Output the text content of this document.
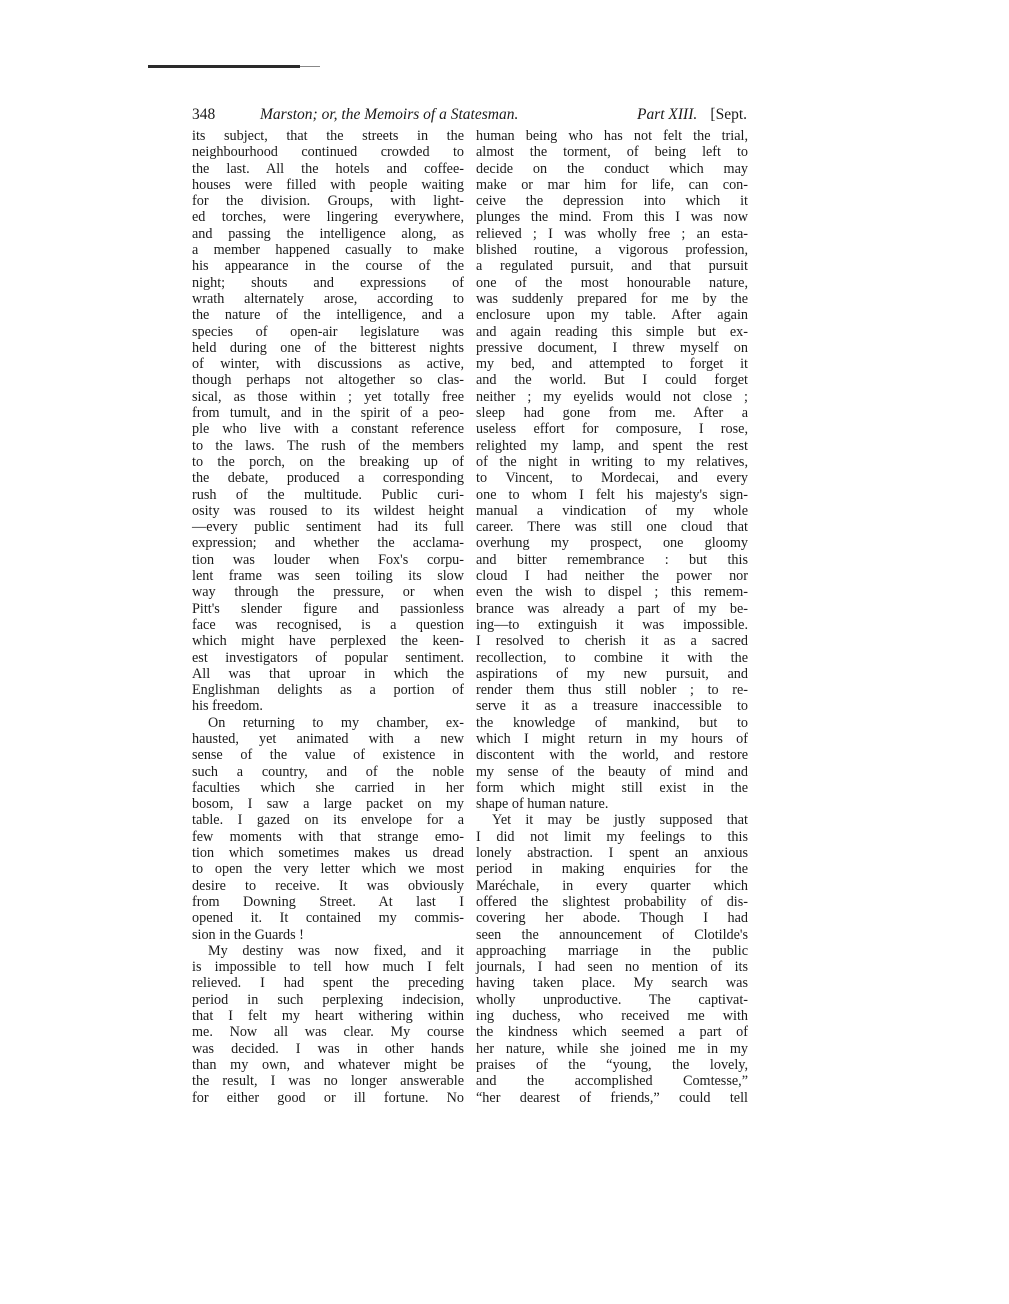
348	Marston; or, the Memoirs of a Statesman.	Part XIII. [Sept.
its subject, that the streets in the
neighbourhood continued crowded to
the last. All the hotels and coffee-
houses were filled with people waiting
for the division. Groups, with light-
ed torches, were lingering everywhere,
and passing the intelligence along, as
a member happened casually to make
his appearance in the course of the
night; shouts and expressions of
wrath alternately arose, according to
the nature of the intelligence, and a
species of open-air legislature was
held during one of the bitterest nights
of winter, with discussions as active,
though perhaps not altogether so clas-
sical, as those within ; yet totally free
from tumult, and in the spirit of a peo-
ple who live with a constant reference
to the laws. The rush of the members
to the porch, on the breaking up of
the debate, produced a corresponding
rush of the multitude. Public curi-
osity was roused to its wildest height
—every public sentiment had its full
expression; and whether the acclama-
tion was louder when Fox's corpu-
lent frame was seen toiling its slow
way through the pressure, or when
Pitt's slender figure and passionless
face was recognised, is a question
which might have perplexed the keen-
est investigators of popular sentiment.
All was that uproar in which the
Englishman delights as a portion of
his freedom.
On returning to my chamber, ex-
hausted, yet animated with a new
sense of the value of existence in
such a country, and of the noble
faculties which she carried in her
bosom, I saw a large packet on my
table. I gazed on its envelope for a
few moments with that strange emo-
tion which sometimes makes us dread
to open the very letter which we most
desire to receive. It was obviously
from Downing Street. At last I
opened it. It contained my commis-
sion in the Guards !
My destiny was now fixed, and it
is impossible to tell how much I felt
relieved. I had spent the preceding
period in such perplexing indecision,
that I felt my heart withering within
me. Now all was clear. My course
was decided. I was in other hands
than my own, and whatever might be
the result, I was no longer answerable
for either good or ill fortune. No
human being who has not felt the trial,
almost the torment, of being left to
decide on the conduct which may
make or mar him for life, can con-
ceive the depression into which it
plunges the mind. From this I was now
relieved ; I was wholly free ; an esta-
blished routine, a vigorous profession,
a regulated pursuit, and that pursuit
one of the most honourable nature,
was suddenly prepared for me by the
enclosure upon my table. After again
and again reading this simple but ex-
pressive document, I threw myself on
my bed, and attempted to forget it
and the world. But I could forget
neither ; my eyelids would not close ;
sleep had gone from me. After a
useless effort for composure, I rose,
relighted my lamp, and spent the rest
of the night in writing to my relatives,
to Vincent, to Mordecai, and every
one to whom I felt his majesty's sign-
manual a vindication of my whole
career. There was still one cloud that
overhung my prospect, one gloomy
and bitter remembrance : but this
cloud I had neither the power nor
even the wish to dispel ; this remem-
brance was already a part of my be-
ing—to extinguish it was impossible.
I resolved to cherish it as a sacred
recollection, to combine it with the
aspirations of my new pursuit, and
render them thus still nobler ; to re-
serve it as a treasure inaccessible to
the knowledge of mankind, but to
which I might return in my hours of
discontent with the world, and restore
my sense of the beauty of mind and
form which might still exist in the
shape of human nature.
Yet it may be justly supposed that
I did not limit my feelings to this
lonely abstraction. I spent an anxious
period in making enquiries for the
Maréchale, in every quarter which
offered the slightest probability of dis-
covering her abode. Though I had
seen the announcement of Clotilde's
approaching marriage in the public
journals, I had seen no mention of its
having taken place. My search was
wholly unproductive. The captivat-
ing duchess, who received me with
the kindness which seemed a part of
her nature, while she joined me in my
praises of the “young, the lovely,
and the accomplished Comtesse,”
“her dearest of friends,” could tell
